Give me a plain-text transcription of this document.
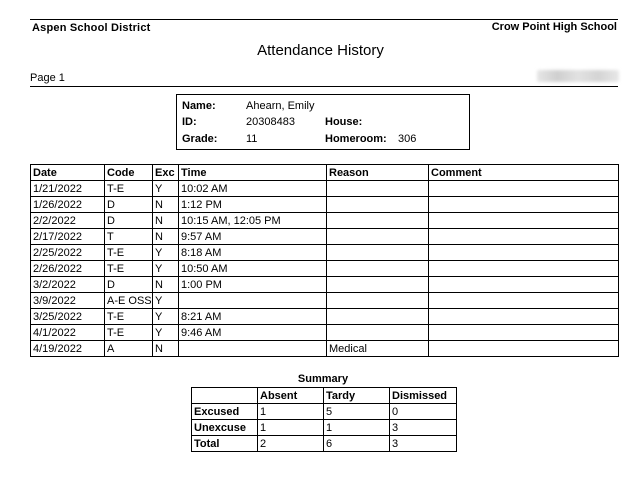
Aspen School District	Crow Point High School
Attendance History
Page 1
Name:	Ahearn, Emily
ID:	20308483	House:
Grade:	11	Homeroom: 306
Date	Code	Exc	Time	Reason	Comment
1/21/2022	T-E	Y	10:02 AM		
1/26/2022	D	N	1:12 PM		
2/2/2022	D	N	10:15 AM, 12:05 PM		
2/17/2022	T	N	9:57 AM		
2/25/2022	T-E	Y	8:18 AM		
2/26/2022	T-E	Y	10:50 AM		
3/2/2022	D	N	1:00 PM		
3/9/2022	A-E OSS	Y			
3/25/2022	T-E	Y	8:21 AM		
4/1/2022	T-E	Y	9:46 AM		
4/19/2022	A	N		Medical	
Summary
	Absent	Tardy	Dismissed
Excused	1	5	0
Unexcuse	1	1	3
Total	2	6	3
